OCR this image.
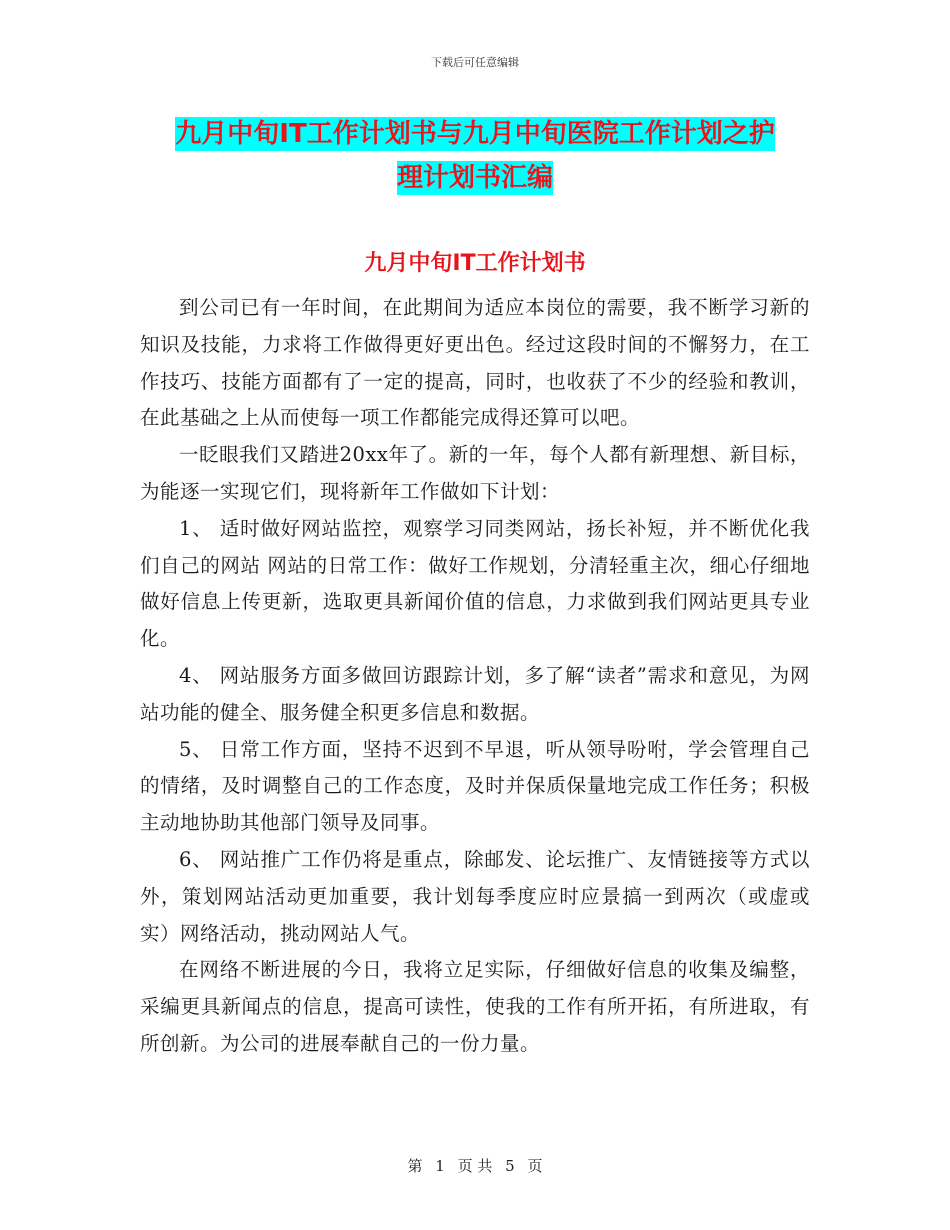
下载后可任意编辑
九月中旬IT工作计划书与九月中旬医院工作计划之护
理计划书汇编
九月中旬IT工作计划书

到公司已有一年时间，在此期间为适应本岗位的需要，我不断学习新的知识及技能，力求将工作做得更好更出色。经过这段时间的不懈努力，在工作技巧、技能方面都有了一定的提高，同时，也收获了不少的经验和教训，在此基础之上从而使每一项工作都能完成得还算可以吧。

一眨眼我们又踏进20xx年了。新的一年，每个人都有新理想、新目标，为能逐一实现它们，现将新年工作做如下计划：

1、 适时做好网站监控，观察学习同类网站，扬长补短，并不断优化我们自己的网站 网站的日常工作：做好工作规划，分清轻重主次，细心仔细地做好信息上传更新，选取更具新闻价值的信息，力求做到我们网站更具专业化。

4、 网站服务方面多做回访跟踪计划，多了解“读者”需求和意见，为网站功能的健全、服务健全积更多信息和数据。

5、 日常工作方面，坚持不迟到不早退，听从领导吩咐，学会管理自己的情绪，及时调整自己的工作态度，及时并保质保量地完成工作任务；积极主动地协助其他部门领导及同事。

6、 网站推广工作仍将是重点，除邮发、论坛推广、友情链接等方式以外，策划网站活动更加重要，我计划每季度应时应景搞一到两次（或虚或实）网络活动，挑动网站人气。

在网络不断进展的今日，我将立足实际，仔细做好信息的收集及编整，采编更具新闻点的信息，提高可读性，使我的工作有所开拓，有所进取，有所创新。为公司的进展奉献自己的一份力量。

第 1 页 共 5 页
